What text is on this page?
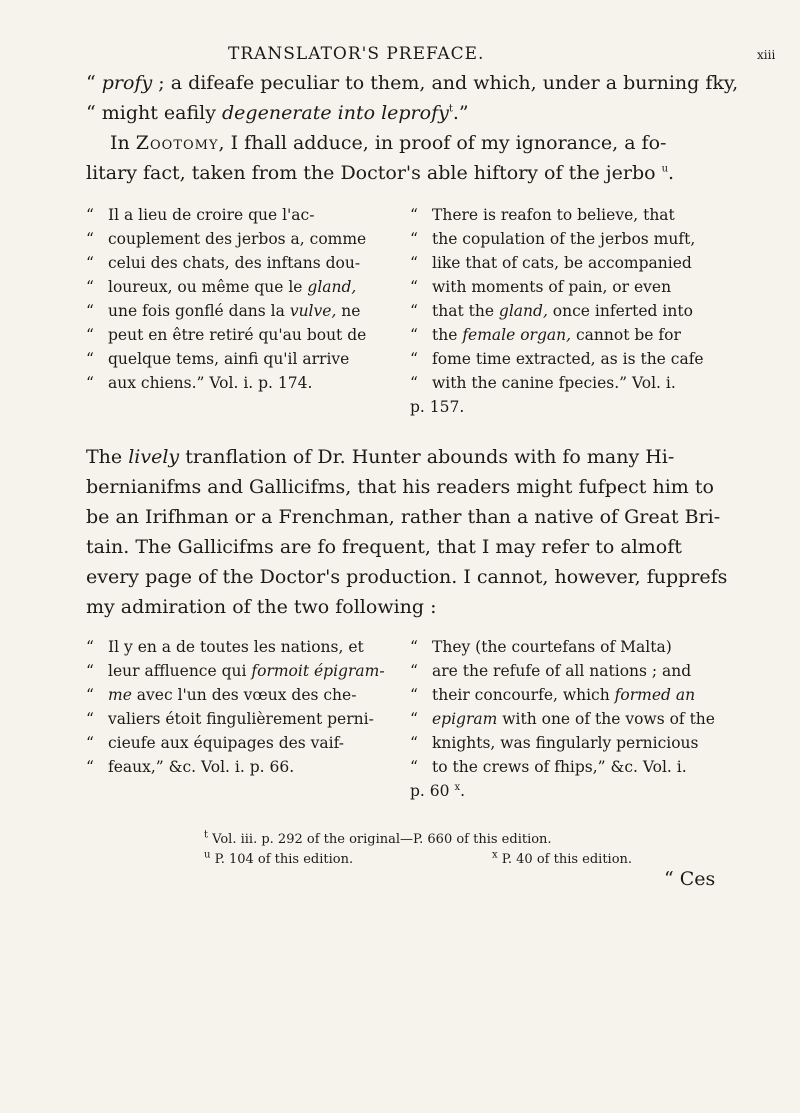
TRANSLATOR'S PREFACE.	xiii
“ profy ; a difeafe peculiar to them, and which, under a burning fky,
“ might eafily degenerate into leprofy$^t$.”
In Zootomy, I fhall adduce, in proof of my ignorance, a fo-
litary fact, taken from the Doctor's able hiftory of the jerbo $^u$.
“ Il a lieu de croire que l'ac-
“ couplement des jerbos a, comme
“ celui des chats, des inftans dou-
“ loureux, ou même que le gland,
“ une fois gonflé dans la vulve, ne
“ peut en être retiré qu'au bout de
“ quelque tems, ainfi qu'il arrive
“ aux chiens.” Vol. i. p. 174.
“ There is reafon to believe, that
“ the copulation of the jerbos muft,
“ like that of cats, be accompanied
“ with moments of pain, or even
“ that the gland, once inferted into
“ the female organ, cannot be for
“ fome time extracted, as is the cafe
“ with the canine fpecies.” Vol. i.
p. 157.
The lively tranflation of Dr. Hunter abounds with fo many Hi-
bernianifms and Gallicifms, that his readers might fufpect him to
be an Irifhman or a Frenchman, rather than a native of Great Bri-
tain. The Gallicifms are fo frequent, that I may refer to almoft
every page of the Doctor's production. I cannot, however, fupprefs
my admiration of the two following :
“ Il y en a de toutes les nations, et
“ leur affluence qui formoit épigram-
“ me avec l'un des vœux des che-
“ valiers étoit fingulièrement perni-
“ cieufe aux équipages des vaif-
“ feaux,” &c. Vol. i. p. 66.
“ They (the courtefans of Malta)
“ are the refufe of all nations ; and
“ their concourfe, which formed an
“ epigram with one of the vows of the
“ knights, was fingularly pernicious
“ to the crews of fhips,” &c. Vol. i.
p. 60 $^x$.
$^t$ Vol. iii. p. 292 of the original—P. 660 of this edition.
$^u$ P. 104 of this edition.	$^x$ P. 40 of this edition.
“ Ces
